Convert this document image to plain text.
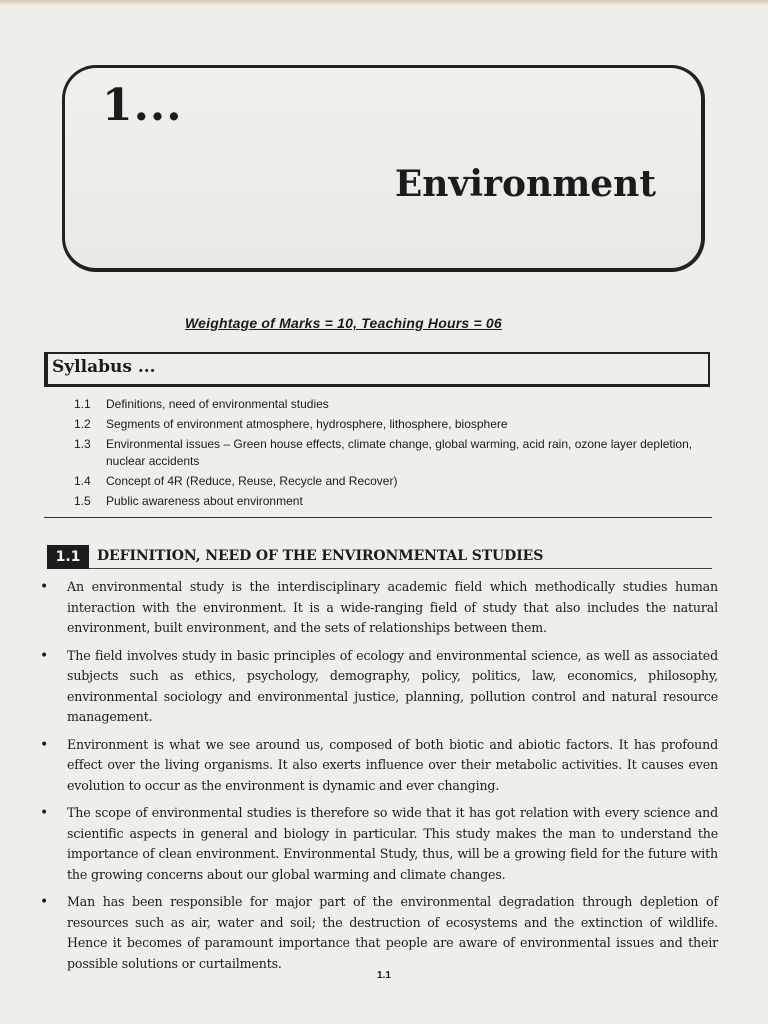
1...
Environment
Weightage of Marks = 10, Teaching Hours = 06
Syllabus ...
1.1	Definitions, need of environmental studies
1.2	Segments of environment atmosphere, hydrosphere, lithosphere, biosphere
1.3	Environmental issues – Green house effects, climate change, global warming, acid rain, ozone layer depletion, nuclear accidents
1.4	Concept of 4R (Reduce, Reuse, Recycle and Recover)
1.5	Public awareness about environment
1.1	DEFINITION, NEED OF THE ENVIRONMENTAL STUDIES
•	An environmental study is the interdisciplinary academic field which methodically studies human interaction with the environment. It is a wide-ranging field of study that also includes the natural environment, built environment, and the sets of relationships between them.
•	The field involves study in basic principles of ecology and environmental science, as well as associated subjects such as ethics, psychology, demography, policy, politics, law, economics, philosophy, environmental sociology and environmental justice, planning, pollution control and natural resource management.
•	Environment is what we see around us, composed of both biotic and abiotic factors. It has profound effect over the living organisms. It also exerts influence over their metabolic activities. It causes even evolution to occur as the environment is dynamic and ever changing.
•	The scope of environmental studies is therefore so wide that it has got relation with every science and scientific aspects in general and biology in particular. This study makes the man to understand the importance of clean environment. Environmental Study, thus, will be a growing field for the future with the growing concerns about our global warming and climate changes.
•	Man has been responsible for major part of the environmental degradation through depletion of resources such as air, water and soil; the destruction of ecosystems and the extinction of wildlife. Hence it becomes of paramount importance that people are aware of environmental issues and their possible solutions or curtailments.
1.1
